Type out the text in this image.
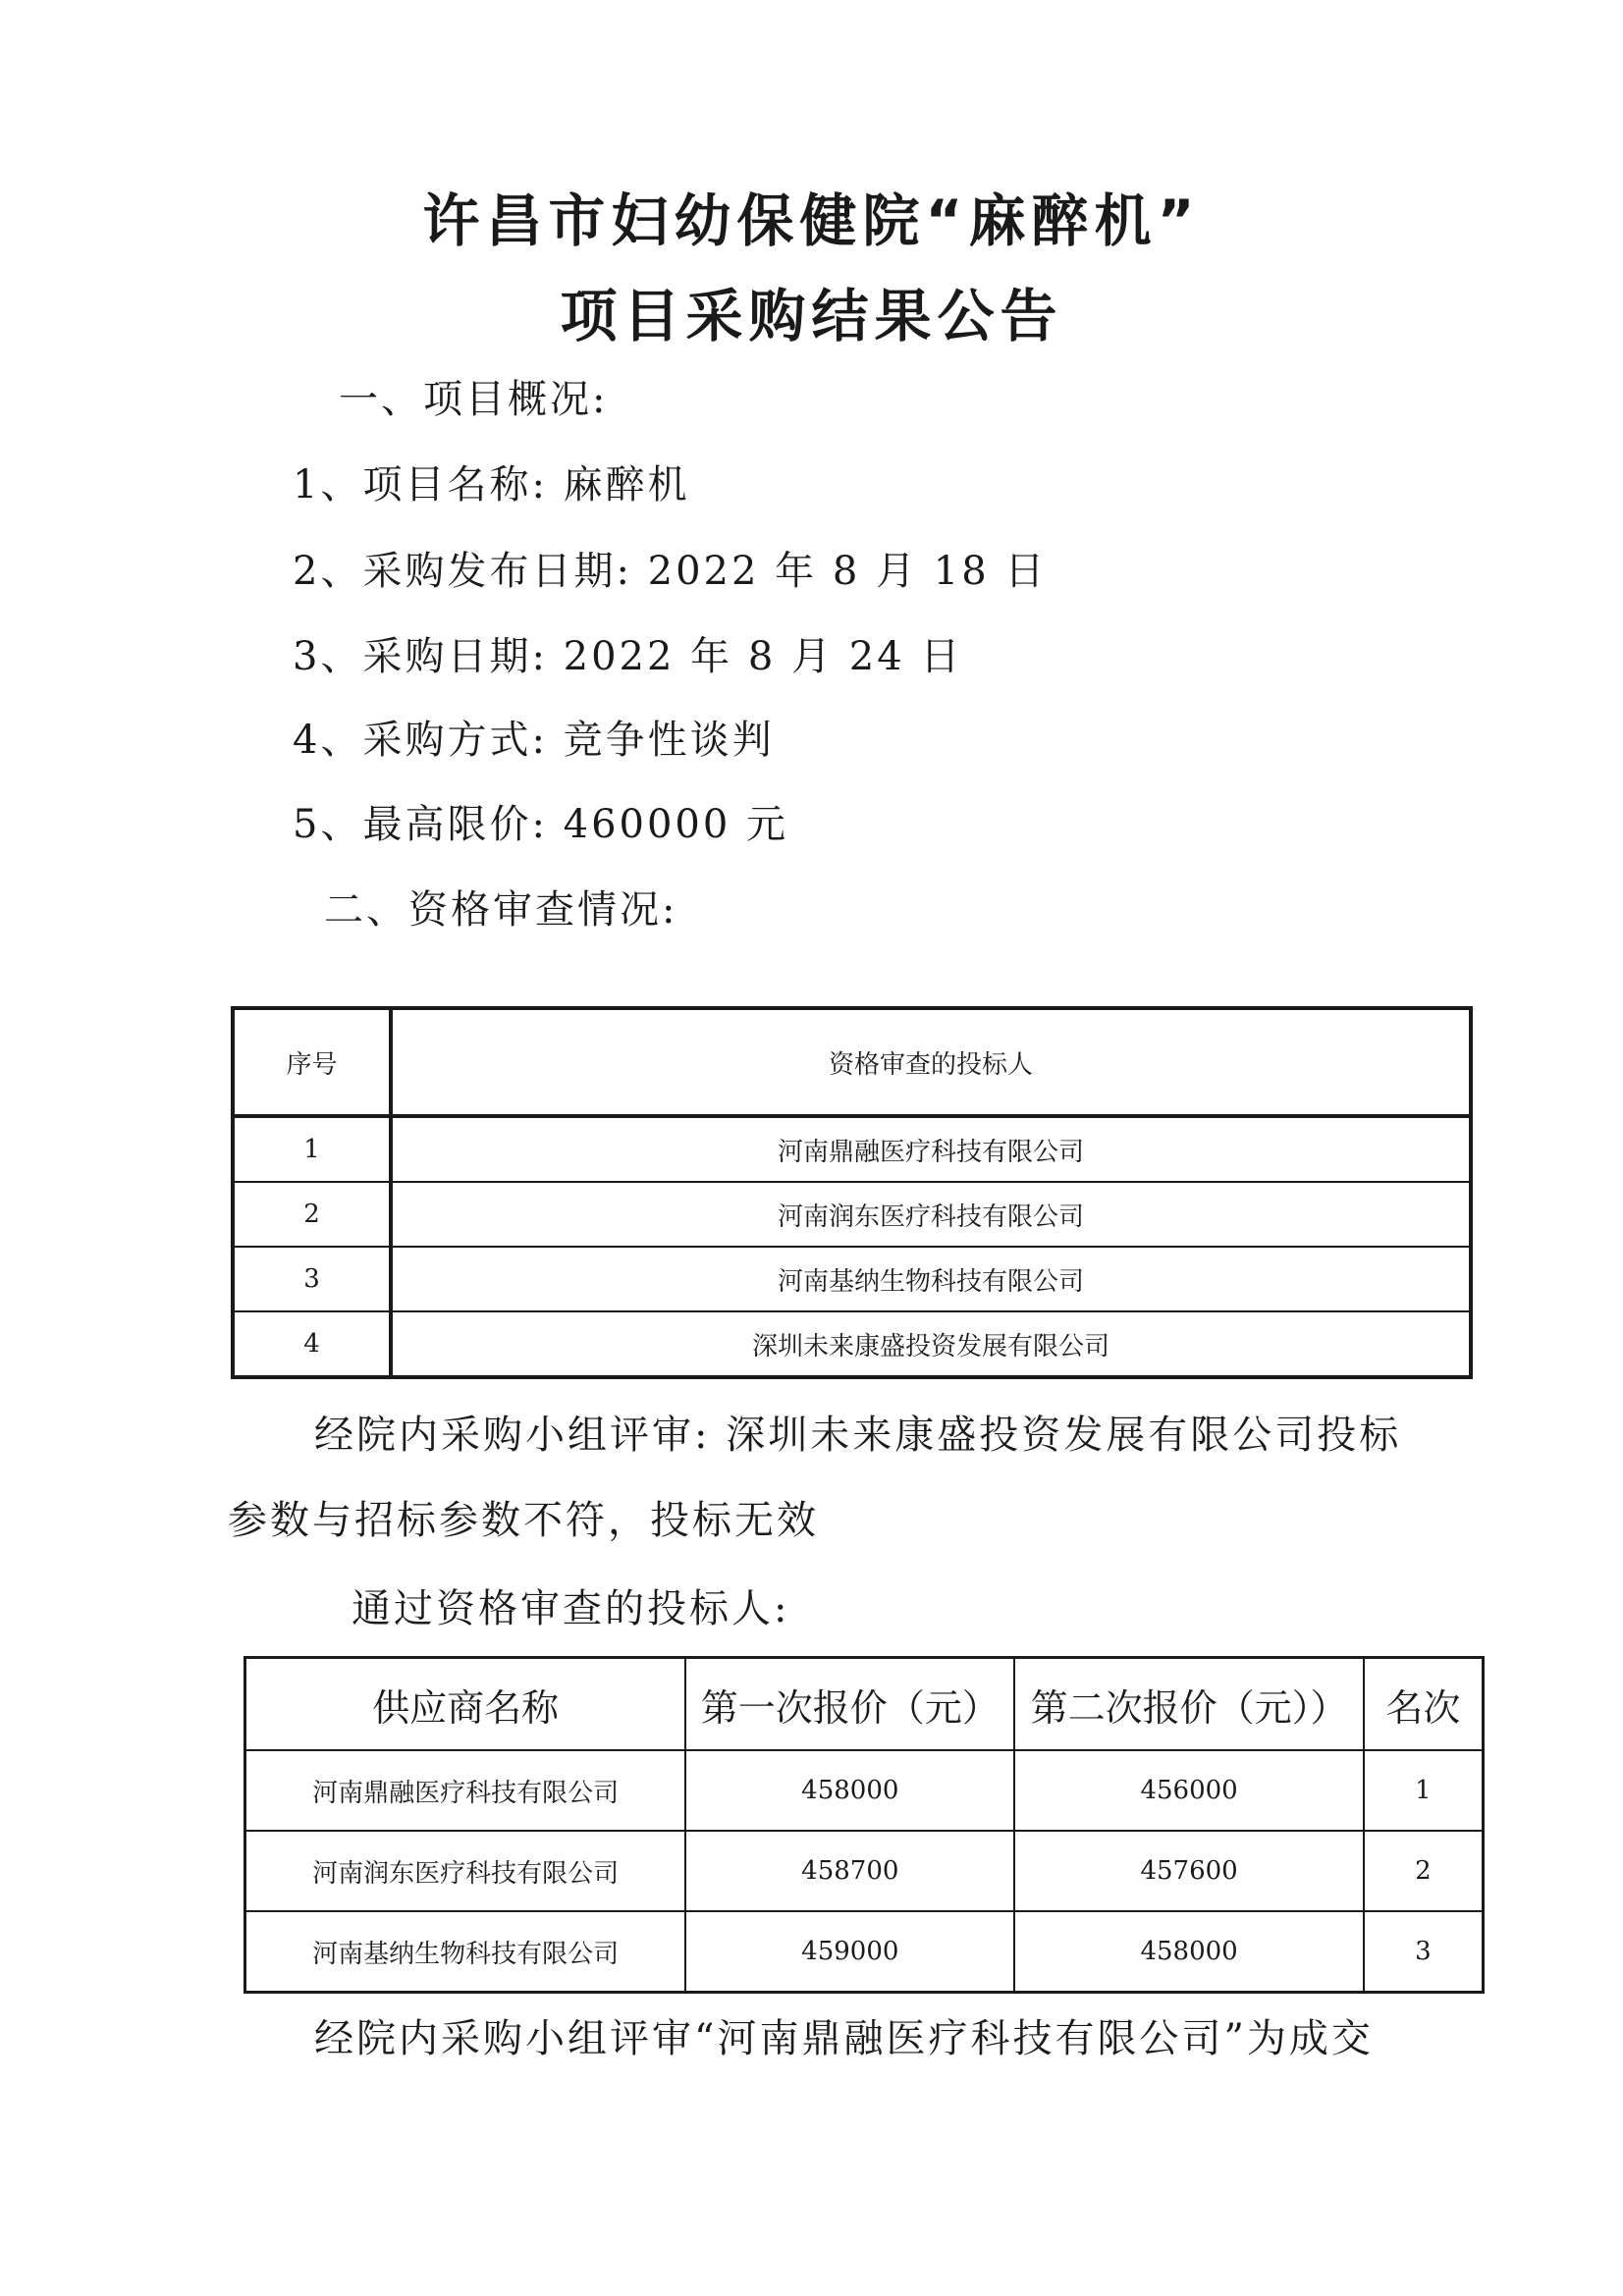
许昌市妇幼保健院“麻醉机”
项目采购结果公告
一、项目概况:
1、项目名称: 麻醉机
2、采购发布日期: 2022 年 8 月 18 日
3、采购日期: 2022 年 8 月 24 日
4、采购方式: 竞争性谈判
5、最高限价: 460000 元
二、资格审查情况:
序号	资格审查的投标人
1	河南鼎融医疗科技有限公司
2	河南润东医疗科技有限公司
3	河南基纳生物科技有限公司
4	深圳未来康盛投资发展有限公司
经院内采购小组评审: 深圳未来康盛投资发展有限公司投标
参数与招标参数不符，投标无效
通过资格审查的投标人:
供应商名称	第一次报价（元）	第二次报价（元））	名次
河南鼎融医疗科技有限公司	458000	456000	1
河南润东医疗科技有限公司	458700	457600	2
河南基纳生物科技有限公司	459000	458000	3
经院内采购小组评审“河南鼎融医疗科技有限公司”为成交
